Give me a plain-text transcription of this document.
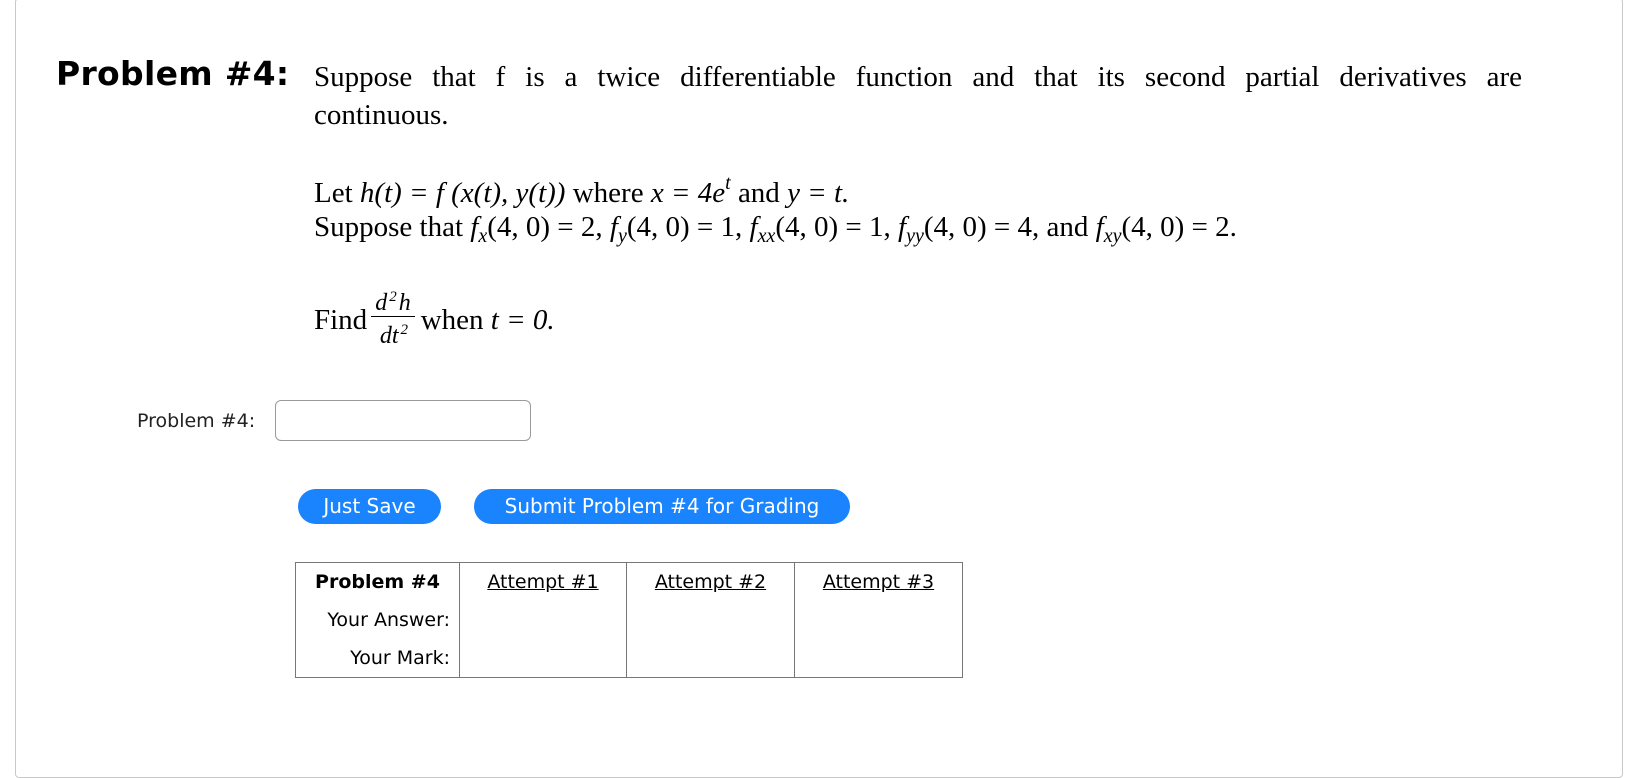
Problem #4: Suppose that f is a twice differentiable function and that its second partial derivatives are
continuous.
Let h(t) = f (x(t), y(t)) where $x = 4e^t$ and y = t.
Suppose that $f_x(4$, 0) = 2, $f_y(4$, 0) = 1, $f_{xx}(4$, 0) = 1, $f_{yy}(4$, 0) = 4, and $f_{xy}(4$, 0) = 2.
Find $\frac{d ^2h}{dt ^2}$ when t = 0.
Problem #4:
Just Save	Submit Problem #4 for Grading
Problem #4	Attempt #1	Attempt #2	Attempt #3
Your Answer:			
Your Mark:			
